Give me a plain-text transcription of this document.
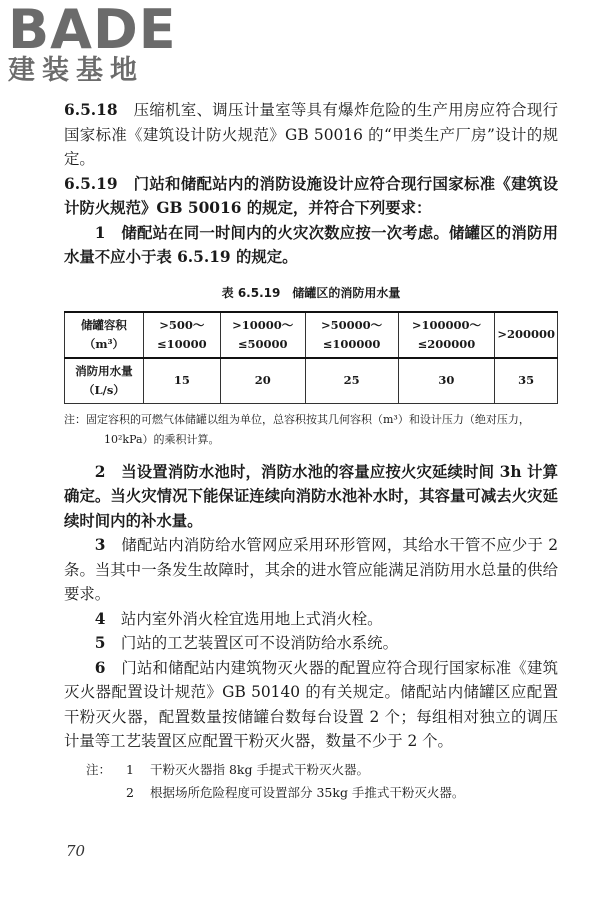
BADE
建装基地

6.5.18　 压缩机室、调压计量室等具有爆炸危险的生产用房应符合现行国家标准《建筑设计防火规范》GB 50016 的“甲类生产厂房”设计的规定。

6.5.19　 门站和储配站内的消防设施设计应符合现行国家标准《建筑设计防火规范》GB 50016 的规定，并符合下列要求：

1　 储配站在同一时间内的火灾次数应按一次考虑。储罐区的消防用水量不应小于表 6.5.19 的规定。

表 6.5.19　储罐区的消防用水量
储罐容积（m³）	>500～≤10000	>10000～≤50000	>50000～≤100000	>100000～≤200000	>200000
消防用水量（L/s）	15	20	25	30	35
注：固定容积的可燃气体储罐以组为单位，总容积按其几何容积（m³）和设计压力（绝对压力，10²kPa）的乘积计算。

2　 当设置消防水池时，消防水池的容量应按火灾延续时间 3h 计算确定。当火灾情况下能保证连续向消防水池补水时，其容量可减去火灾延续时间内的补水量。

3　 储配站内消防给水管网应采用环形管网，其给水干管不应少于 2 条。当其中一条发生故障时，其余的进水管应能满足消防用水总量的供给要求。

4　 站内室外消火栓宜选用地上式消火栓。

5　 门站的工艺装置区可不设消防给水系统。

6　 门站和储配站内建筑物灭火器的配置应符合现行国家标准《建筑灭火器配置设计规范》GB 50140 的有关规定。储配站内储罐区应配置干粉灭火器，配置数量按储罐台数每台设置 2 个；每组相对独立的调压计量等工艺装置区应配置干粉灭火器，数量不少于 2 个。

注： 1 干粉灭火器指 8kg 手提式干粉灭火器。
2 根据场所危险程度可设置部分 35kg 手推式干粉灭火器。
70
